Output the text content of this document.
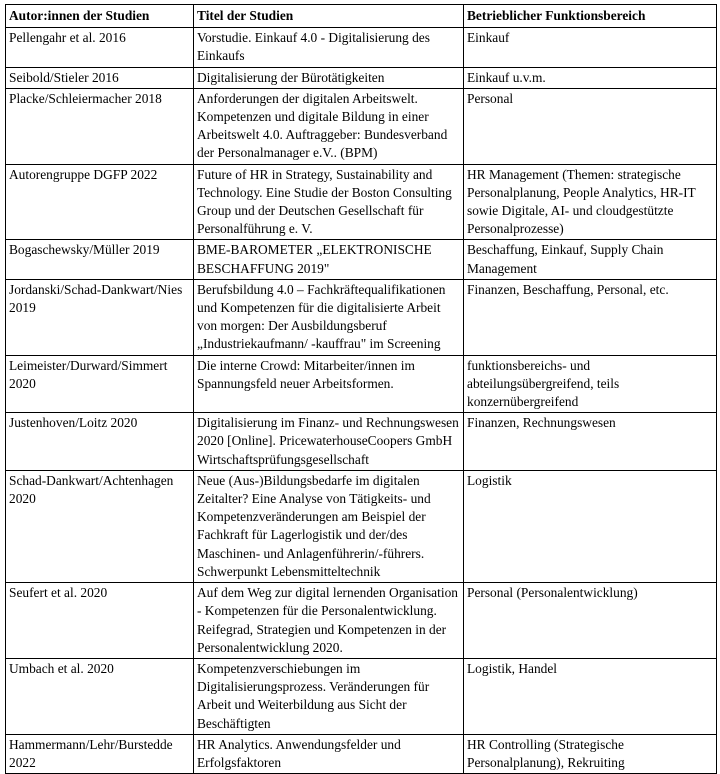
Autor:innen der Studien	Titel der Studien	Betrieblicher Funktionsbereich
Pellengahr et al. 2016	Vorstudie. Einkauf 4.0 - Digitalisierung des Einkaufs	Einkauf
Seibold/Stieler 2016	Digitalisierung der Bürotätigkeiten	Einkauf u.v.m.
Placke/Schleiermacher 2018	Anforderungen der digitalen Arbeitswelt. Kompetenzen und digitale Bildung in einer Arbeitswelt 4.0. Auftraggeber: Bundesverband der Personalmanager e.V.. (BPM)	Personal
Autorengruppe DGFP 2022	Future of HR in Strategy, Sustainability and Technology. Eine Studie der Boston Consulting Group und der Deutschen Gesellschaft für Personalführung e. V.	HR Management (Themen: strategische Personalplanung, People Analytics, HR-IT sowie Digitale, AI- und cloudgestützte Personalprozesse)
Bogaschewsky/Müller 2019	BME-BAROMETER „ELEKTRONISCHE BESCHAFFUNG 2019"	Beschaffung, Einkauf, Supply Chain Management
Jordanski/Schad-Dankwart/Nies 2019	Berufsbildung 4.0 – Fachkräftequalifikationen und Kompetenzen für die digitalisierte Arbeit von morgen: Der Ausbildungsberuf „Industriekaufmann/ -kauffrau" im Screening	Finanzen, Beschaffung, Personal, etc.
Leimeister/Durward/Simmert 2020	Die interne Crowd: Mitarbeiter/innen im Spannungsfeld neuer Arbeitsformen.	funktionsbereichs- und abteilungsübergreifend, teils konzernübergreifend
Justenhoven/Loitz 2020	Digitalisierung im Finanz- und Rechnungswesen 2020 [Online]. PricewaterhouseCoopers GmbH Wirtschaftsprüfungsgesellschaft	Finanzen, Rechnungswesen
Schad-Dankwart/Achtenhagen 2020	Neue (Aus-)Bildungsbedarfe im digitalen Zeitalter? Eine Analyse von Tätigkeits- und Kompetenzveränderungen am Beispiel der Fachkraft für Lagerlogistik und der/des Maschinen- und Anlagenführerin/-führers. Schwerpunkt Lebensmitteltechnik	Logistik
Seufert et al. 2020	Auf dem Weg zur digital lernenden Organisation - Kompetenzen für die Personalentwicklung. Reifegrad, Strategien und Kompetenzen in der Personalentwicklung 2020.	Personal (Personalentwicklung)
Umbach et al. 2020	Kompetenzverschiebungen im Digitalisierungsprozess. Veränderungen für Arbeit und Weiterbildung aus Sicht der Beschäftigten	Logistik, Handel
Hammermann/Lehr/Burstedde 2022	HR Analytics. Anwendungsfelder und Erfolgsfaktoren	HR Controlling (Strategische Personalplanung), Rekruiting
